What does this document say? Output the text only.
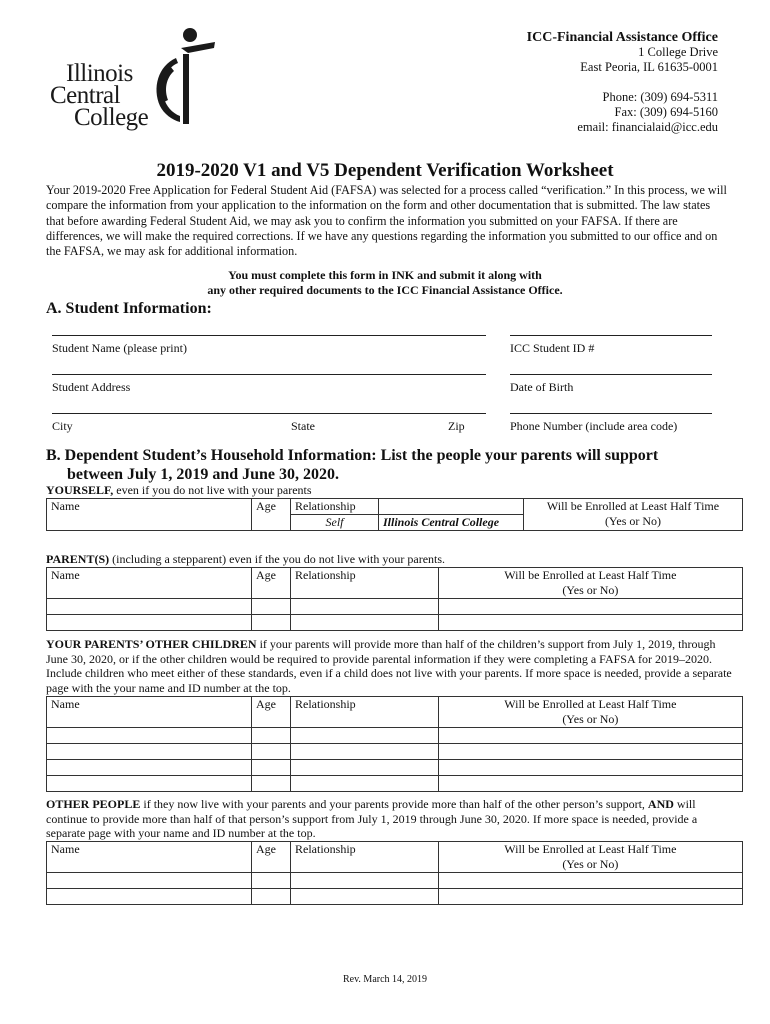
Illinois
Central
College
ICC-Financial Assistance Office
1 College Drive
East Peoria, IL 61635-0001
Phone: (309) 694-5311
Fax: (309) 694-5160
email: financialaid@icc.edu
2019-2020 V1 and V5 Dependent Verification Worksheet
Your 2019-2020 Free Application for Federal Student Aid (FAFSA) was selected for a process called “verification.” In this process, we will compare the information from your application to the information on the form and other documentation that is submitted. The law states that before awarding Federal Student Aid, we may ask you to confirm the information you submitted on your FAFSA. If there are differences, we will make the required corrections. If we have any questions regarding the information you submitted to our office and on the FAFSA, we may ask for additional information.
You must complete this form in INK and submit it along with
any other required documents to the ICC Financial Assistance Office.
A. Student Information:
Student Name (please print)	ICC Student ID #
Student Address	Date of Birth
City	State	Zip	Phone Number (include area code)
B. Dependent Student’s Household Information: List the people your parents will support
between July 1, 2019 and June 30, 2020.
YOURSELF, even if you do not live with your parents
Name	Age	Relationship		Will be Enrolled at Least Half Time
(Yes or No)

		Self	Illinois Central College	
PARENT(S) (including a stepparent) even if the you do not live with your parents.
Name	Age	Relationship	Will be Enrolled at Least Half Time
(Yes or No)

YOUR PARENTS’ OTHER CHILDREN if your parents will provide more than half of the children’s support from July 1, 2019, through June 30, 2020, or if the other children would be required to provide parental information if they were completing a FAFSA for 2019–2020. Include children who meet either of these standards, even if a child does not live with your parents. If more space is needed, provide a separate page with the your name and ID number at the top.
Name	Age	Relationship	Will be Enrolled at Least Half Time
(Yes or No)

OTHER PEOPLE if they now live with your parents and your parents provide more than half of the other person’s support, AND will continue to provide more than half of that person’s support from July 1, 2019 through June 30, 2020. If more space is needed, provide a separate page with your name and ID number at the top.
Name	Age	Relationship	Will be Enrolled at Least Half Time
(Yes or No)

Rev. March 14, 2019
